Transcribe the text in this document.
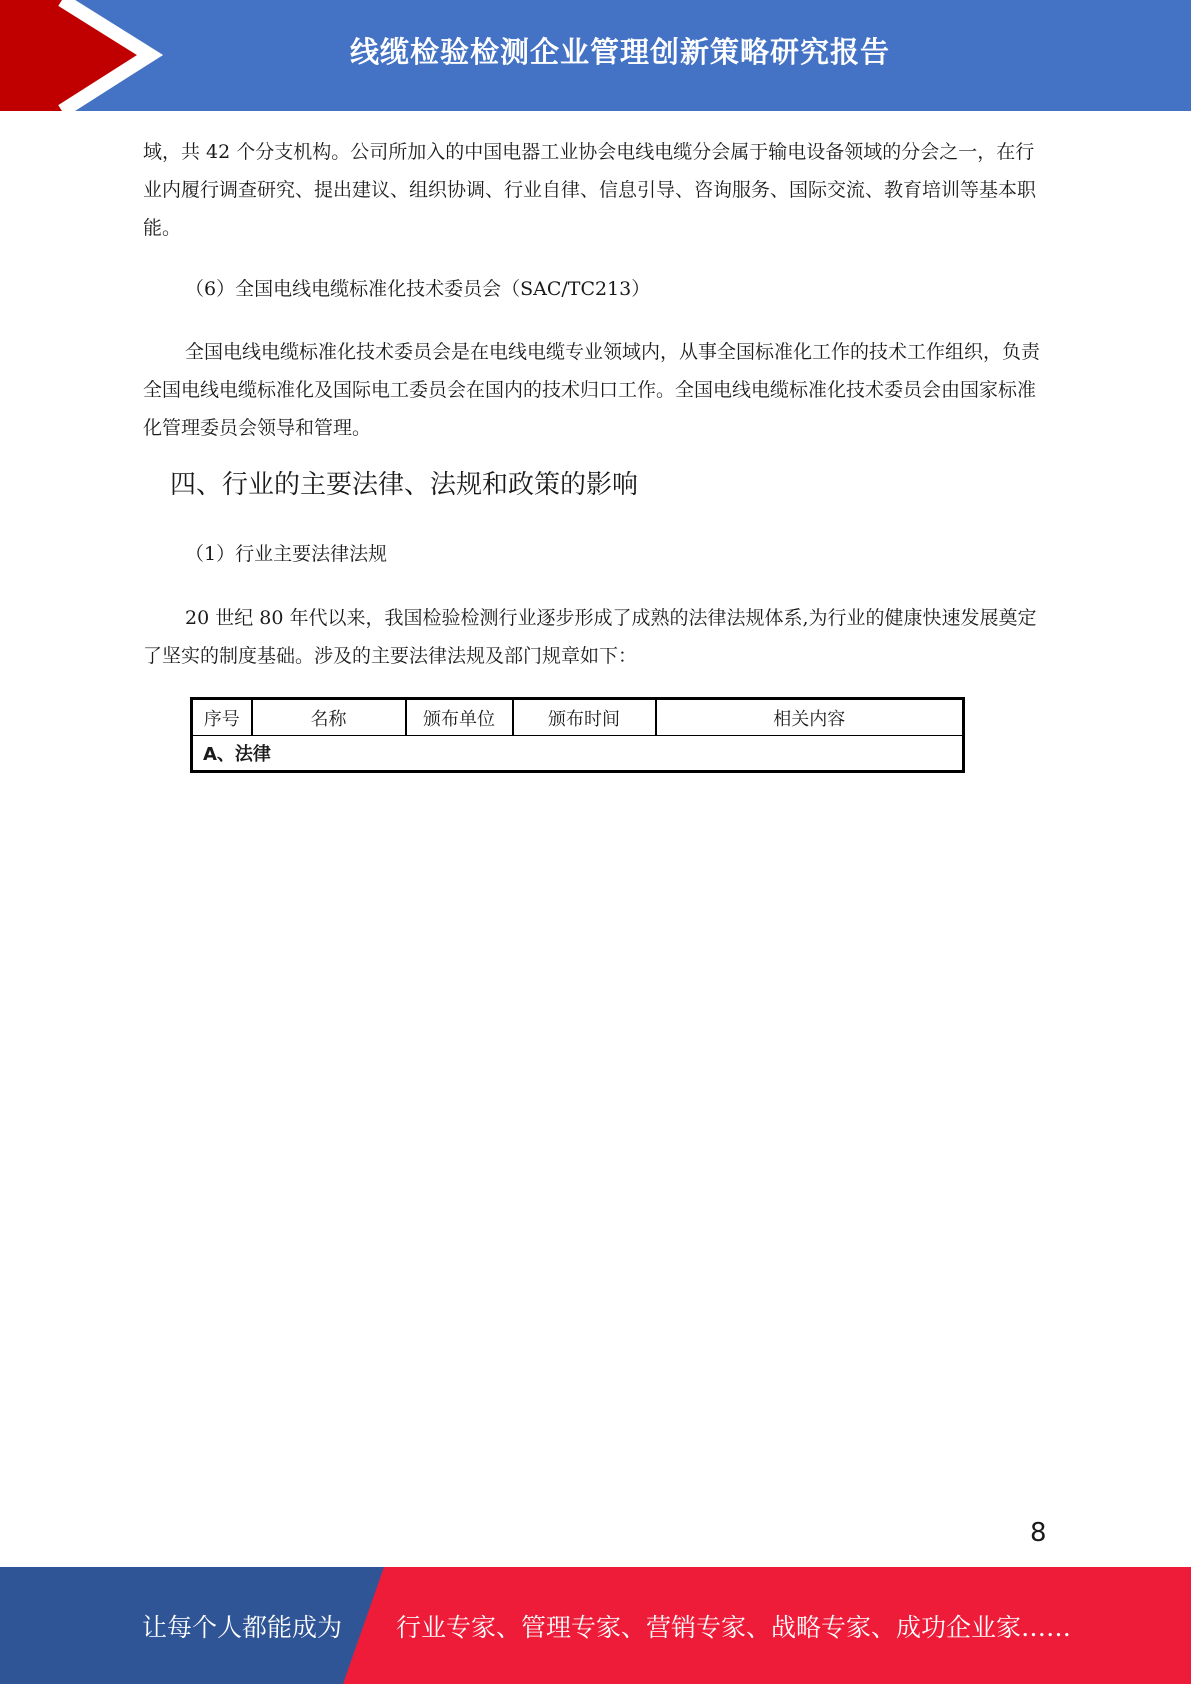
线缆检验检测企业管理创新策略研究报告

域，共 42 个分支机构。公司所加入的中国电器工业协会电线电缆分会属于输电设备领域的分会之一，在行业内履行调查研究、提出建议、组织协调、行业自律、信息引导、咨询服务、国际交流、教育培训等基本职能。

（6）全国电线电缆标准化技术委员会（SAC/TC213）

全国电线电缆标准化技术委员会是在电线电缆专业领域内，从事全国标准化工作的技术工作组织，负责全国电线电缆标准化及国际电工委员会在国内的技术归口工作。全国电线电缆标准化技术委员会由国家标准化管理委员会领导和管理。

四、行业的主要法律、法规和政策的影响

（1）行业主要法律法规

20 世纪 80 年代以来，我国检验检测行业逐步形成了成熟的法律法规体系,为行业的健康快速发展奠定了坚实的制度基础。涉及的主要法律法规及部门规章如下：

序号	名称	颁布单位	颁布时间	相关内容
A、法律
8
让每个人都能成为 行业专家、管理专家、营销专家、战略专家、成功企业家……
